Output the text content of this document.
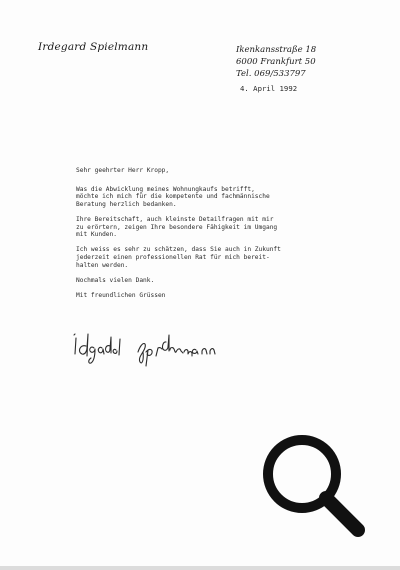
Irdegard Spielmann	Ikenkansstraße 18
6000 Frankfurt 50
Tel. 069/533797
4. April 1992
Sehr geehrter Herr Kropp,
Was die Abwicklung meines Wohnungkaufs betrifft,
möchte ich mich für die kompetente und fachmännische
Beratung herzlich bedanken.
Ihre Bereitschaft, auch kleinste Detailfragen mit mir
zu erörtern, zeigen Ihre besondere Fähigkeit im Umgang
mit Kunden.
Ich weiss es sehr zu schätzen, dass Sie auch in Zukunft
jederzeit einen professionellen Rat für mich bereit-
halten werden.
Nochmals vielen Dank.
Mit freundlichen Grüssen
